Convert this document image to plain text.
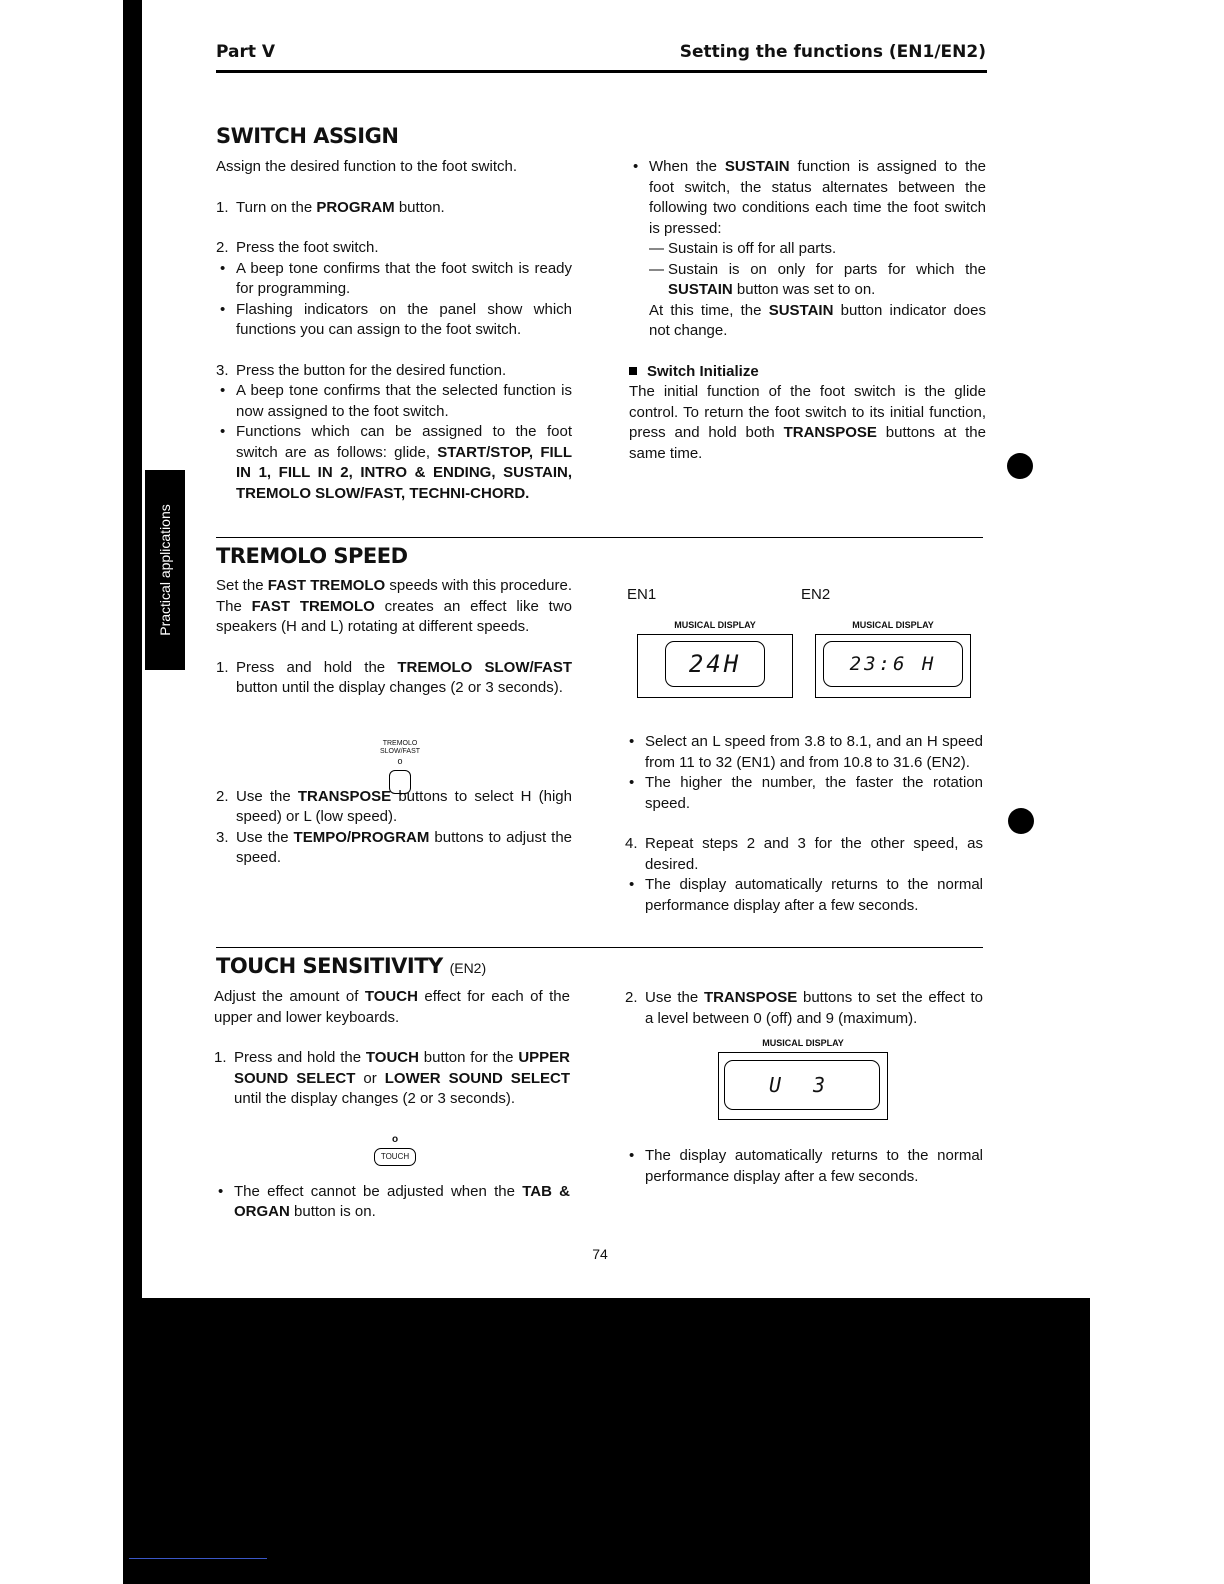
Practical applications
Part V	Setting the functions (EN1/EN2)
SWITCH ASSIGN

Assign the desired function to the foot switch.

1. Turn on the PROGRAM button.

2. Press the foot switch.

• A beep tone confirms that the foot switch is ready for programming.

• Flashing indicators on the panel show which functions you can assign to the foot switch.

3. Press the button for the desired function.

• A beep tone confirms that the selected function is now assigned to the foot switch.

• Functions which can be assigned to the foot switch are as follows: glide, START/STOP, FILL IN 1, FILL IN 2, INTRO & ENDING, SUSTAIN, TREMOLO SLOW/FAST, TECHNI-CHORD.

• When the SUSTAIN function is assigned to the foot switch, the status alternates between the following two conditions each time the foot switch is pressed:

— Sustain is off for all parts.

— Sustain is on only for parts for which the SUSTAIN button was set to on.

At this time, the SUSTAIN button indicator does not change.

Switch Initialize

The initial function of the foot switch is the glide control. To return the foot switch to its initial function, press and hold both TRANSPOSE buttons at the same time.

TREMOLO SPEED

Set the FAST TREMOLO speeds with this procedure. The FAST TREMOLO creates an effect like two speakers (H and L) rotating at different speeds.

1. Press and hold the TREMOLO SLOW/FAST button until the display changes (2 or 3 seconds).

2. Use the TRANSPOSE buttons to select H (high speed) or L (low speed).

3. Use the TEMPO/PROGRAM buttons to adjust the speed.

TREMOLO
SLOW/FAST
o
EN1	EN2
MUSICAL DISPLAY
24H
MUSICAL DISPLAY
23:6 H

• Select an L speed from 3.8 to 8.1, and an H speed from 11 to 32 (EN1) and from 10.8 to 31.6 (EN2).

• The higher the number, the faster the rotation speed.

4. Repeat steps 2 and 3 for the other speed, as desired.

• The display automatically returns to the normal performance display after a few seconds.

TOUCH SENSITIVITY (EN2)

Adjust the amount of TOUCH effect for each of the upper and lower keyboards.

1. Press and hold the TOUCH button for the UPPER SOUND SELECT or LOWER SOUND SELECT until the display changes (2 or 3 seconds).

• The effect cannot be adjusted when the TAB & ORGAN button is on.

o
TOUCH

2. Use the TRANSPOSE buttons to set the effect to a level between 0 (off) and 9 (maximum).

MUSICAL DISPLAY
U 3

• The display automatically returns to the normal performance display after a few seconds.

74
